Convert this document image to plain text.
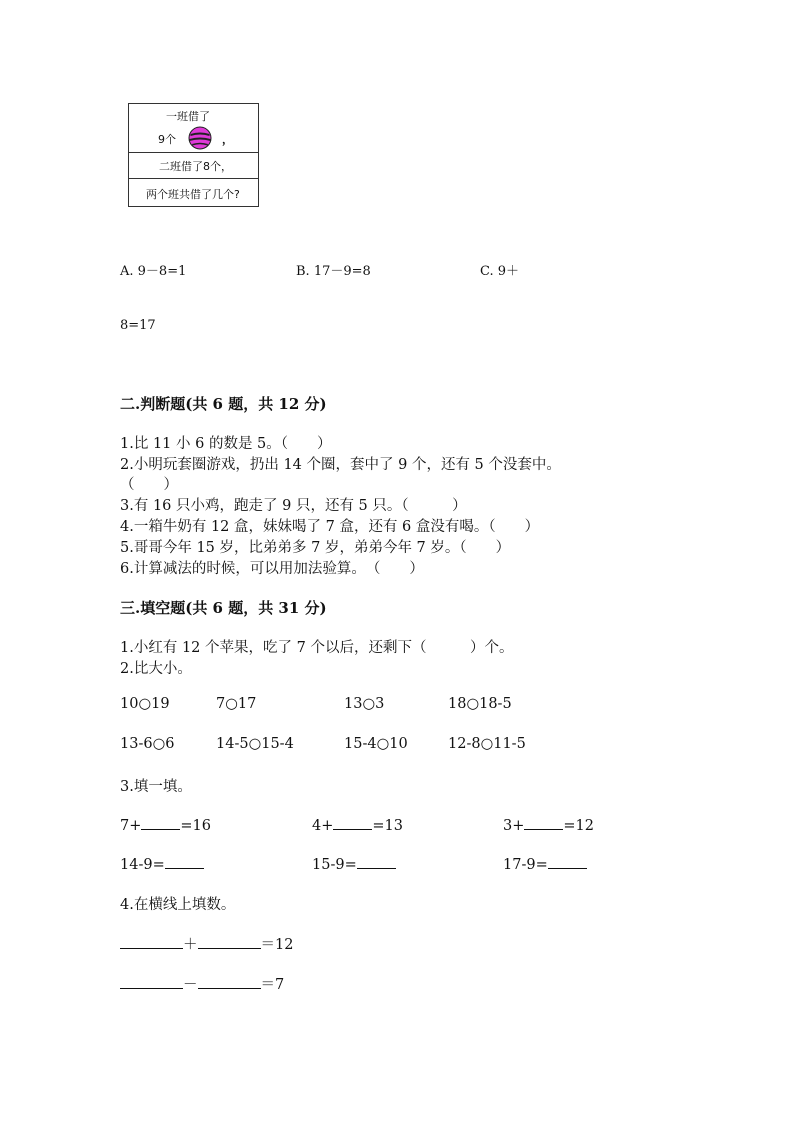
一班借了
9个	，
二班借了8个，
两个班共借了几个?
A. 9－8=1	B. 17－9=8	C. 9＋
8=17
二.判断题(共 6 题，共 12 分)
1.比 11 小 6 的数是 5。（　　）
2.小明玩套圈游戏，扔出 14 个圈，套中了 9 个，还有 5 个没套中。
（　　）
3.有 16 只小鸡，跑走了 9 只，还有 5 只。（　　　）
4.一箱牛奶有 12 盒，妹妹喝了 7 盒，还有 6 盒没有喝。（　　）
5.哥哥今年 15 岁，比弟弟多 7 岁，弟弟今年 7 岁。（　　）
6.计算减法的时候，可以用加法验算。　（　　）
三.填空题(共 6 题，共 31 分)
1.小红有 12 个苹果，吃了 7 个以后，还剩下（　　　）个。
2.比大小。
10○19	7○17	13○3	18○18-5
13-6○6	14-5○15-4	15-4○10	12-8○11-5
3.填一填。
7+	=16	4+	=13	3+	=12
14-9=	15-9=	17-9=
4.在横线上填数。
＋	＝12
－	＝7
